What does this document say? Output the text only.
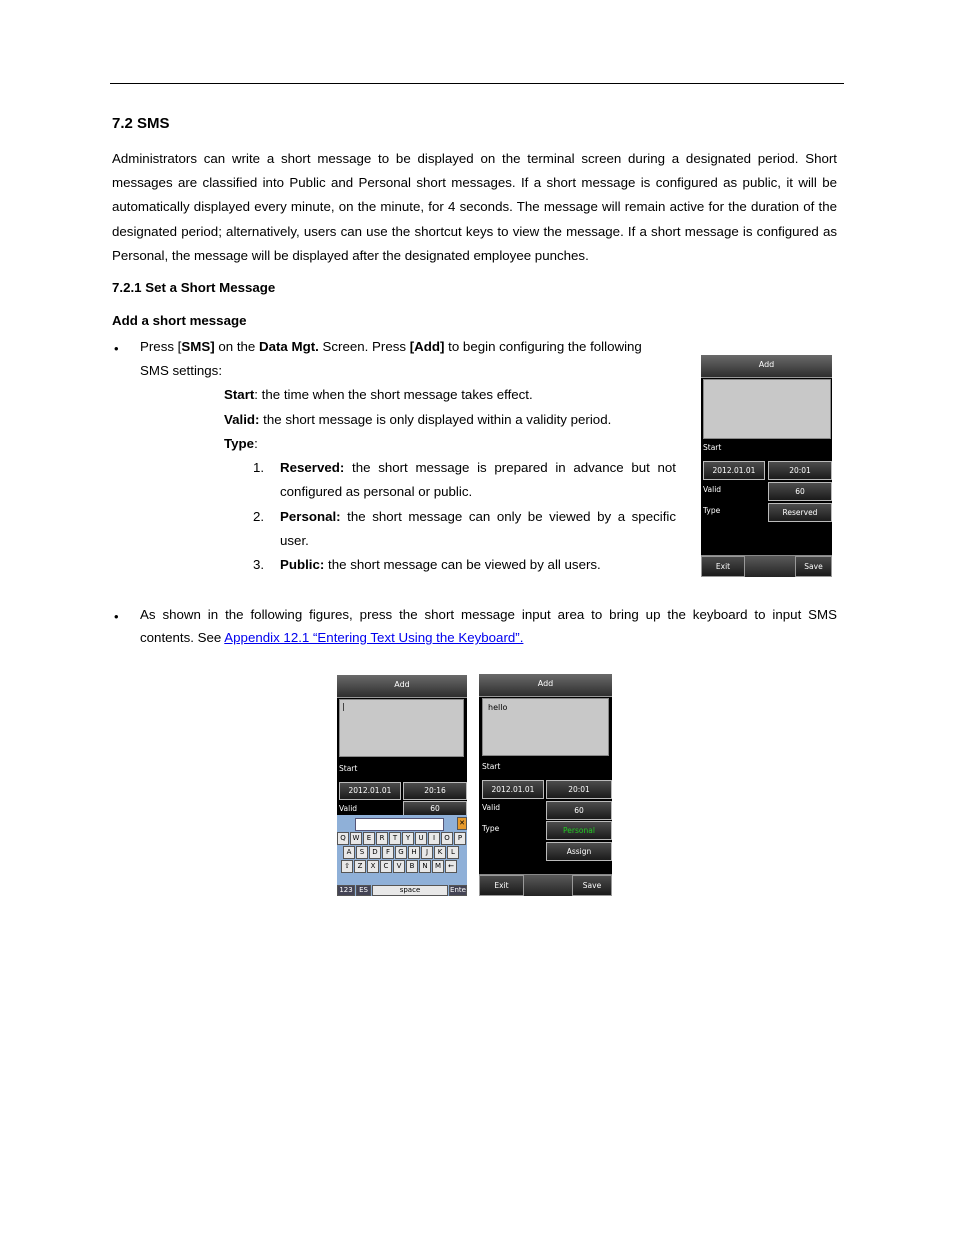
7.2 SMS
Administrators can write a short message to be displayed on the terminal screen during a designated period. Short messages are classified into Public and Personal short messages. If a short message is configured as public, it will be automatically displayed every minute, on the minute, for 4 seconds. The message will remain active for the duration of the designated period; alternatively, users can use the shortcut keys to view the message. If a short message is configured as Personal, the message will be displayed after the designated employee punches.
7.2.1 Set a Short Message
Add a short message
• Press [SMS] on the Data Mgt. Screen. Press [Add] to begin configuring the following
SMS settings:
Start: the time when the short message takes effect.
Valid: the short message is only displayed within a validity period.
Type:
1. Reserved: the short message is prepared in advance but not
configured as personal or public.
2. Personal: the short message can only be viewed by a specific
user.
3. Public: the short message can be viewed by all users.
Add
Start
2012.01.01	20:01
Valid	60
Type	Reserved
Exit	Save
• As shown in the following figures, press the short message input area to bring up the keyboard to input SMS
contents. See Appendix 12.1 “Entering Text Using the Keyboard”.
Add
|
Start
2012.01.01	20:16
Valid	60
✕
Q W	E	R	T	Y	U	I	O	P
A	S	D	F	G	H	J	K	L
⇧	Z	X	C	V	B	N	M	←
123 ES	space	Ente
Add
hello
Start
2012.01.01	20:01
Valid	60
Type	Personal
Assign
Exit	Save
